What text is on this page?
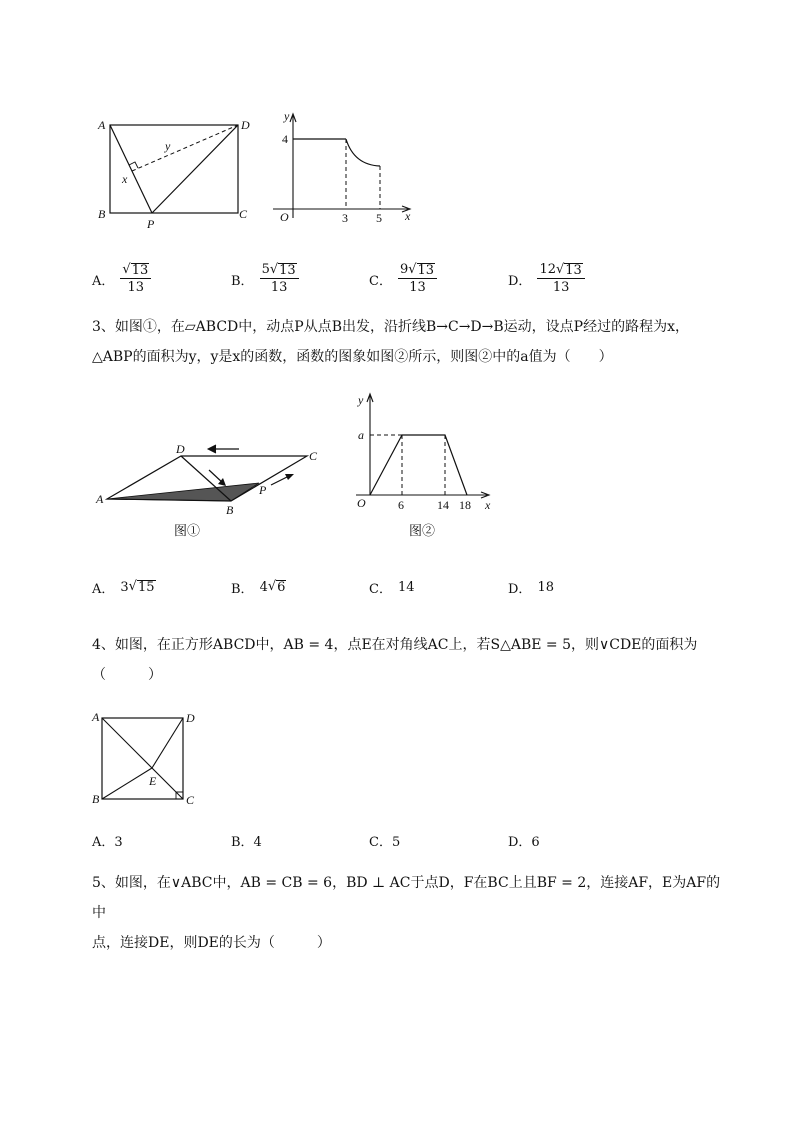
A	D
B	C
P
x
y
y
x
O
4
3 5
A． $\frac{√ 13}{13}$	B． $\frac{5 √ 13}{13}$	C． $\frac{9 √ 13}{13}$	D． $\frac{12 √ 13}{13}$

3、如图①，在▱ABCD中，动点P从点B出发，沿折线B→C→D→B运动，设点P经过的路程为x，

△ABP的面积为y，y是x的函数，函数的图象如图②所示，则图②中的a值为（　　）

D	C
A
B
P
图①
y
x
O
a
6	14 18
图②
A． 3 √ 15	B． 4 √ 6	C． 14	D． 18

4、如图，在正方形ABCD中，AB = 4，点E在对角线AC上，若S△ABE = 5，则∨CDE的面积为

（　　　）

A	D
B	C
E
A．3	B．4	C．5	D．6

5、如图，在∨ABC中，AB = CB = 6，BD ⊥ AC于点D，F在BC上且BF = 2，连接AF，E为AF的中

点，连接DE，则DE的长为（　　　）
